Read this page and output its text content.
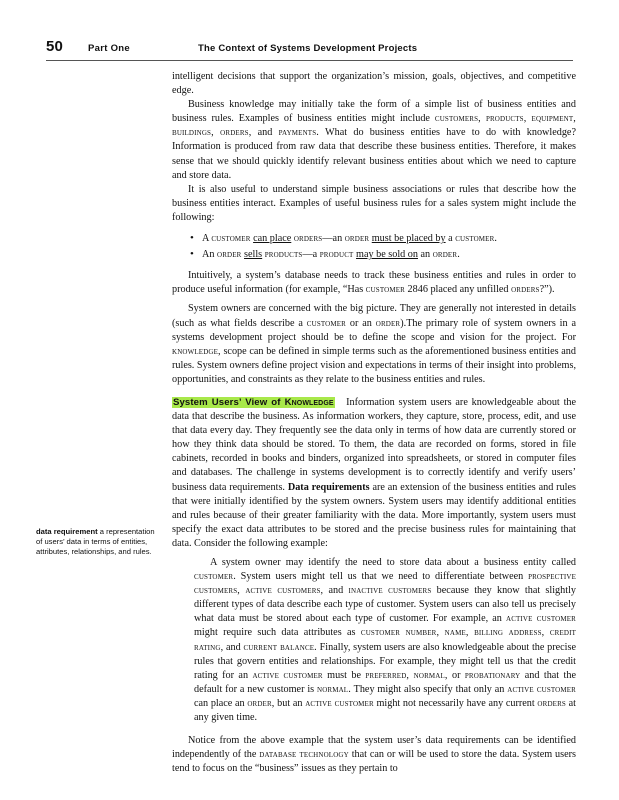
50	Part One	The Context of Systems Development Projects
data requirement a representation of users’ data in terms of entities, attributes, relationships, and rules.

intelligent decisions that support the organization’s mission, goals, objectives, and competitive edge.

Business knowledge may initially take the form of a simple list of business entities and business rules. Examples of business entities might include customers, products, equipment, buildings, orders, and payments. What do business entities have to do with knowledge? Information is produced from raw data that describe these business entities. Therefore, it makes sense that we should quickly identify relevant business entities about which we need to capture and store data.

It is also useful to understand simple business associations or rules that describe how the business entities interact. Examples of useful business rules for a sales system might include the following:

• A customer can place orders—an order must be placed by a customer.
• An order sells products—a product may be sold on an order.

Intuitively, a system’s database needs to track these business entities and rules in order to produce useful information (for example, “Has customer 2846 placed any unfilled orders?”).

System owners are concerned with the big picture. They are generally not interested in details (such as what fields describe a customer or an order).The primary role of system owners in a systems development project should be to define the scope and vision for the project. For knowledge, scope can be defined in simple terms such as the aforementioned business entities and rules. System owners define project vision and expectations in terms of their insight into problems, opportunities, and constraints as they relate to the business entities and rules.

System Users’ View of Knowledge Information system users are knowledgeable about the data that describe the business. As information workers, they capture, store, process, edit, and use that data every day. They frequently see the data only in terms of how data are currently stored or how they think data should be stored. To them, the data are recorded on forms, stored in file cabinets, recorded in books and binders, organized into spreadsheets, or stored in computer files and databases. The challenge in systems development is to correctly identify and verify users’ business data requirements. Data requirements are an extension of the business entities and rules that were initially identified by the system owners. System users may identify additional entities and rules because of their greater familiarity with the data. More importantly, system users must specify the exact data attributes to be stored and the precise business rules for maintaining that data. Consider the following example:

A system owner may identify the need to store data about a business entity called customer. System users might tell us that we need to differentiate between prospective customers, active customers, and inactive customers because they know that slightly different types of data describe each type of customer. System users can also tell us precisely what data must be stored about each type of customer. For example, an active customer might require such data attributes as customer number, name, billing address, credit rating, and current balance. Finally, system users are also knowledgeable about the precise rules that govern entities and relationships. For example, they might tell us that the credit rating for an active customer must be preferred, normal, or probationary and that the default for a new customer is normal. They might also specify that only an active customer can place an order, but an active customer might not necessarily have any current orders at any given time.

Notice from the above example that the system user’s data requirements can be identified independently of the database technology that can or will be used to store the data. System users tend to focus on the “business” issues as they pertain to
